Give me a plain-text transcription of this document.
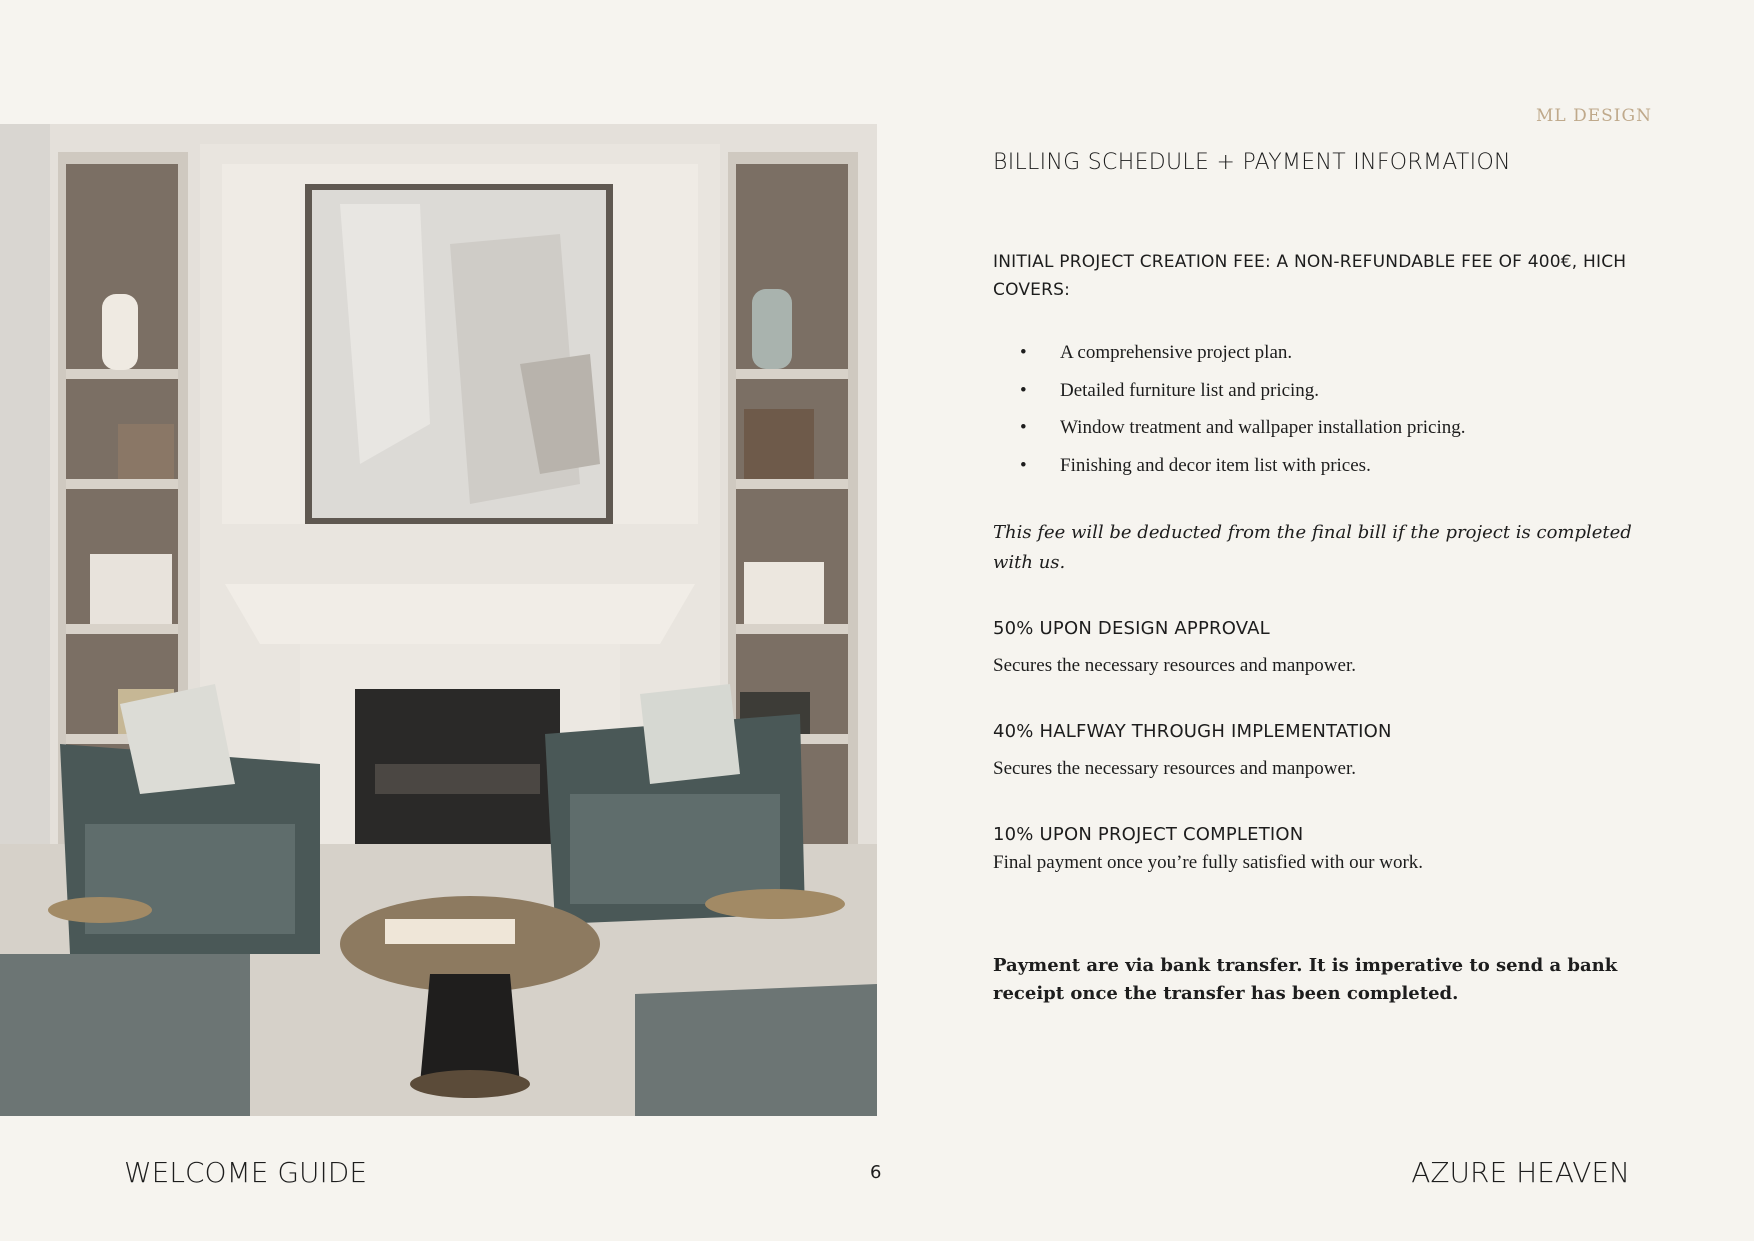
ML DESIGN
BILLING SCHEDULE + PAYMENT INFORMATION
INITIAL PROJECT CREATION FEE: A NON-REFUNDABLE FEE OF 400€, HICH COVERS:
•	A comprehensive project plan.
•	Detailed furniture list and pricing.
•	Window treatment and wallpaper installation pricing.
•	Finishing and decor item list with prices.
This fee will be deducted from the final bill if the project is completed with us.
50% UPON DESIGN APPROVAL
Secures the necessary resources and manpower.
40% HALFWAY THROUGH IMPLEMENTATION
Secures the necessary resources and manpower.
10% UPON PROJECT COMPLETION
Final payment once you’re fully satisfied with our work.
Payment are via bank transfer. It is imperative to send a bank receipt once the transfer has been completed.
WELCOME GUIDE	6	AZURE HEAVEN
